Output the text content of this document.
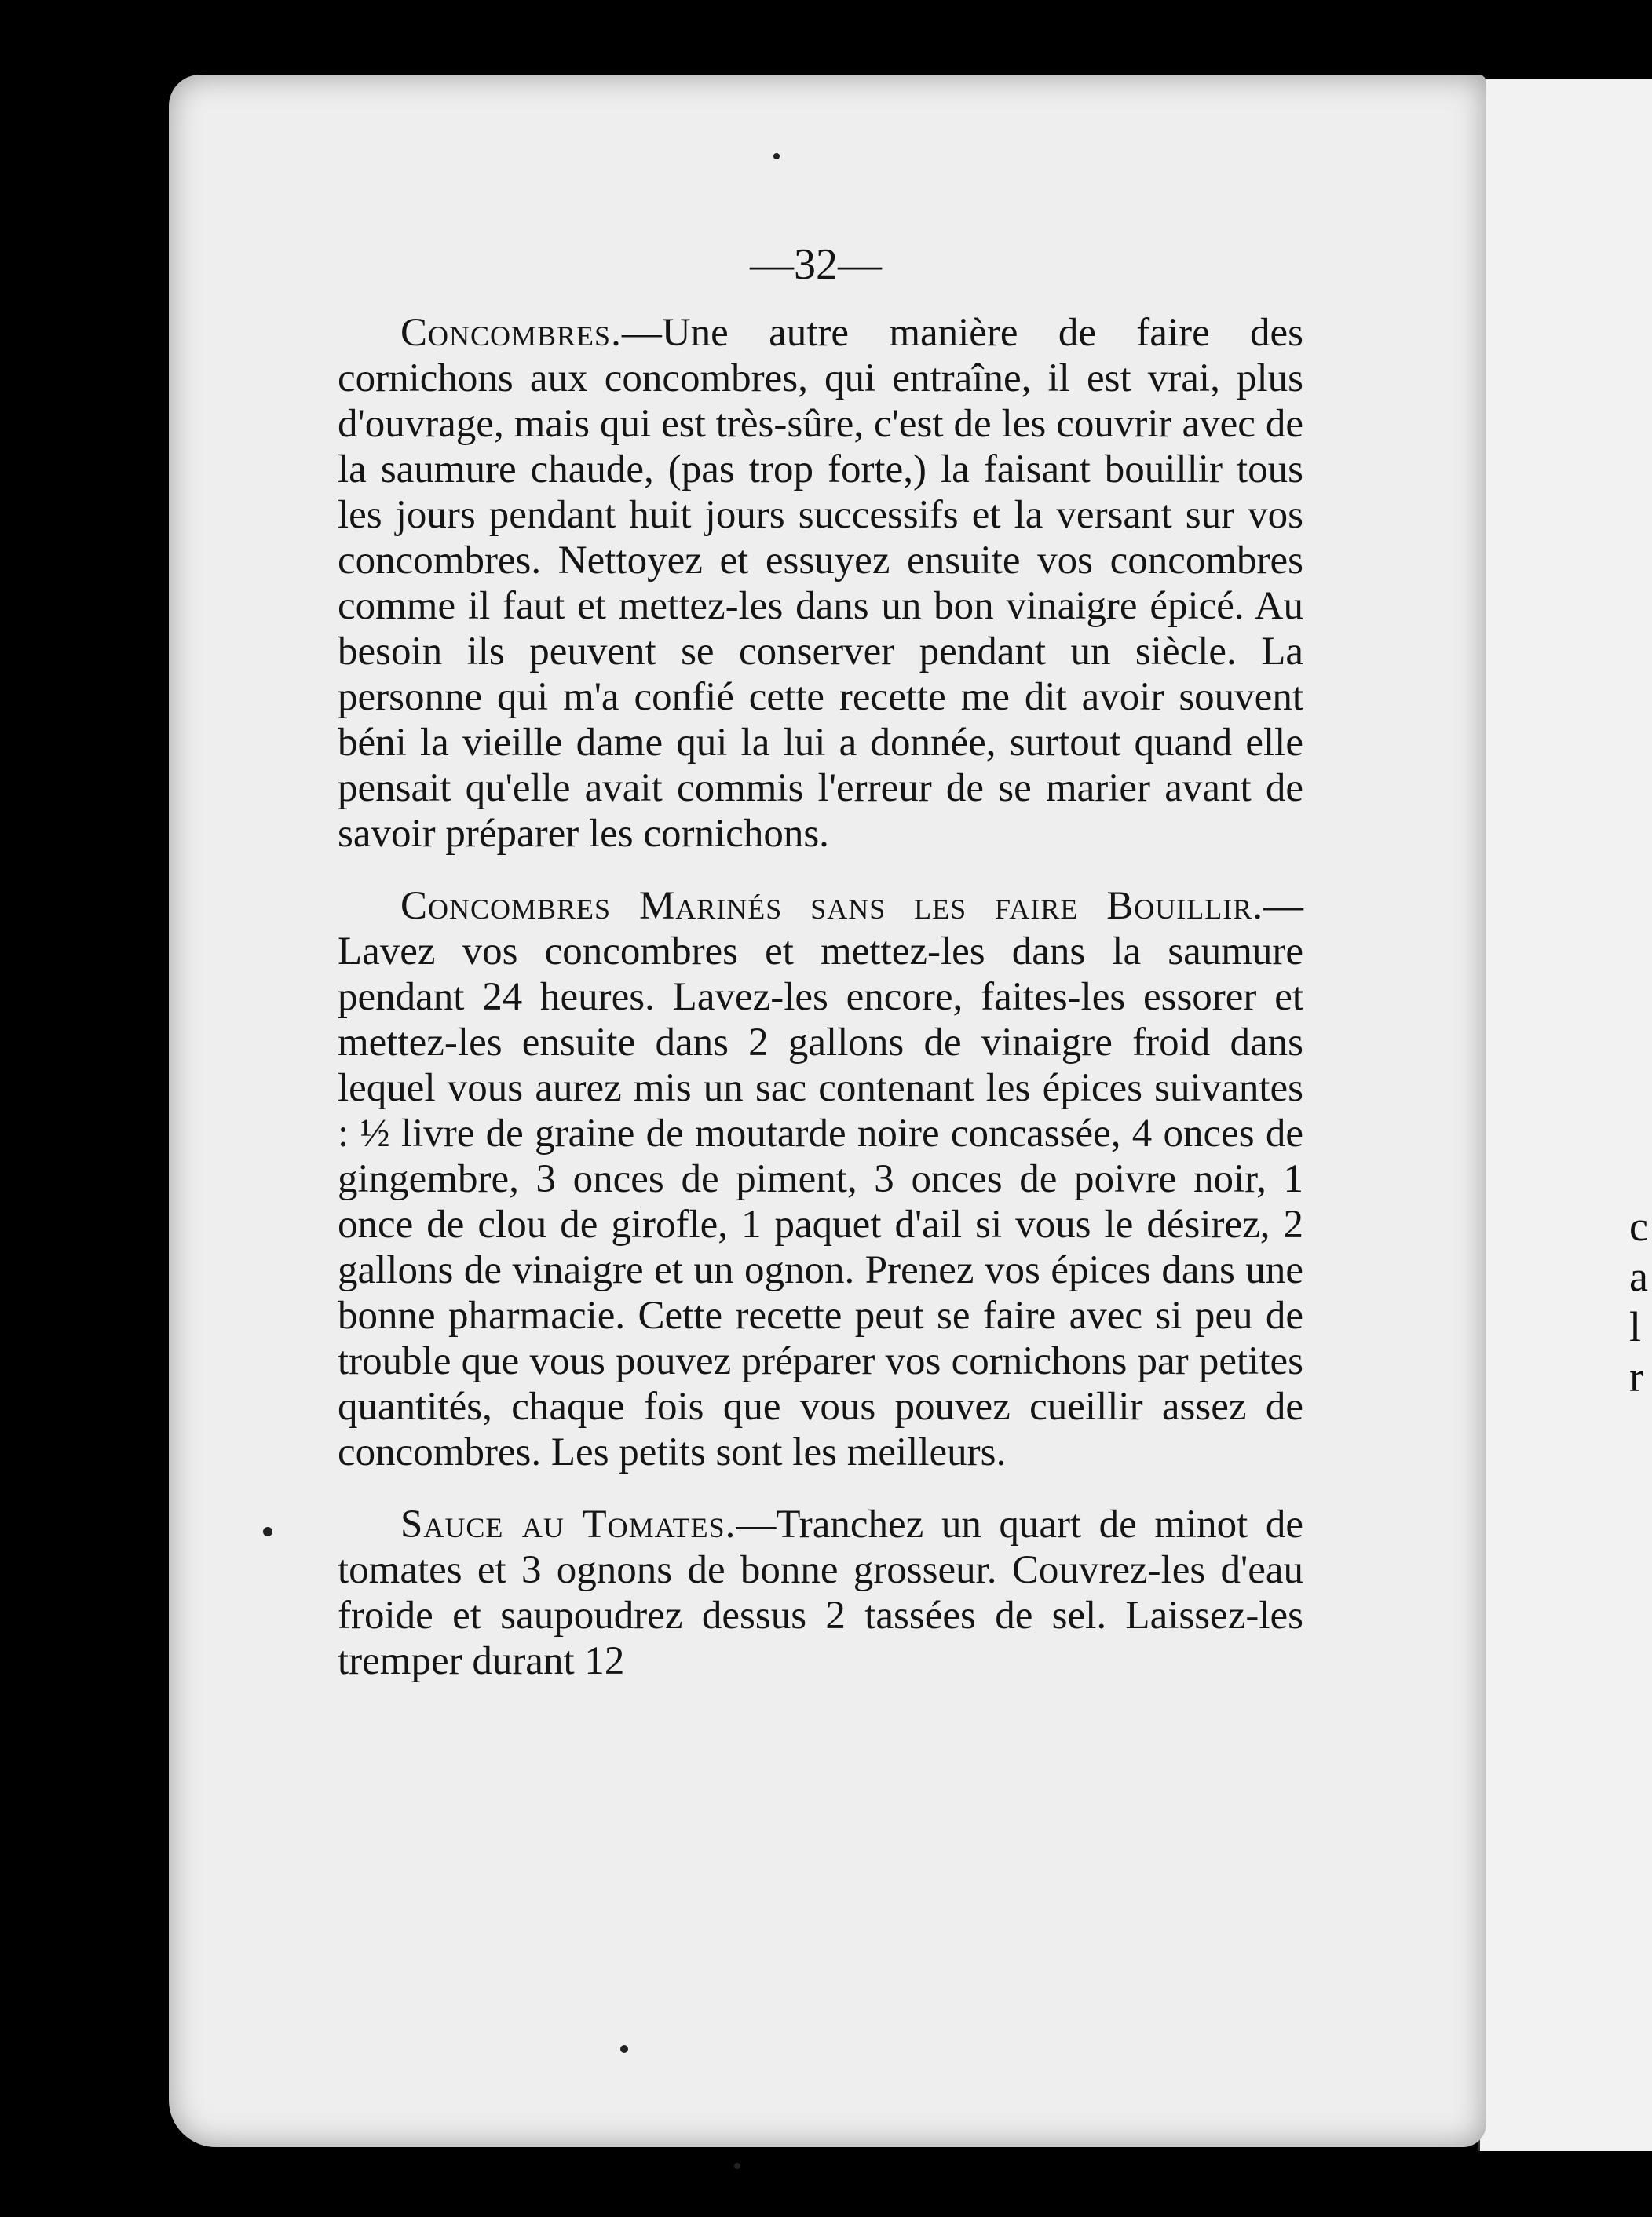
c
a
l
r
—32—

Concombres.—Une autre manière de faire des cornichons aux concombres, qui entraîne, il est vrai, plus d'ouvrage, mais qui est très-sûre, c'est de les couvrir avec de la saumure chaude, (pas trop forte,) la faisant bouillir tous les jours pendant huit jours successifs et la versant sur vos concombres. Nettoyez et essuyez ensuite vos concombres comme il faut et mettez-les dans un bon vinaigre épicé. Au besoin ils peuvent se conserver pendant un siècle. La personne qui m'a confié cette recette me dit avoir souvent béni la vieille dame qui la lui a donnée, surtout quand elle pensait qu'elle avait commis l'erreur de se marier avant de savoir préparer les cornichons.

Concombres Marinés sans les faire Bouillir.—Lavez vos concombres et mettez-les dans la saumure pendant 24 heures. Lavez-les encore, faites-les essorer et mettez-les ensuite dans 2 gallons de vinaigre froid dans lequel vous aurez mis un sac contenant les épices suivantes : ½ livre de graine de moutarde noire concassée, 4 onces de gingembre, 3 onces de piment, 3 onces de poivre noir, 1 once de clou de girofle, 1 paquet d'ail si vous le désirez, 2 gallons de vinaigre et un ognon. Prenez vos épices dans une bonne pharmacie. Cette recette peut se faire avec si peu de trouble que vous pouvez préparer vos cornichons par petites quantités, chaque fois que vous pouvez cueillir assez de concombres. Les petits sont les meilleurs.

Sauce au Tomates.—Tranchez un quart de minot de tomates et 3 ognons de bonne grosseur. Couvrez-les d'eau froide et saupoudrez dessus 2 tassées de sel. Laissez-les tremper durant 12
